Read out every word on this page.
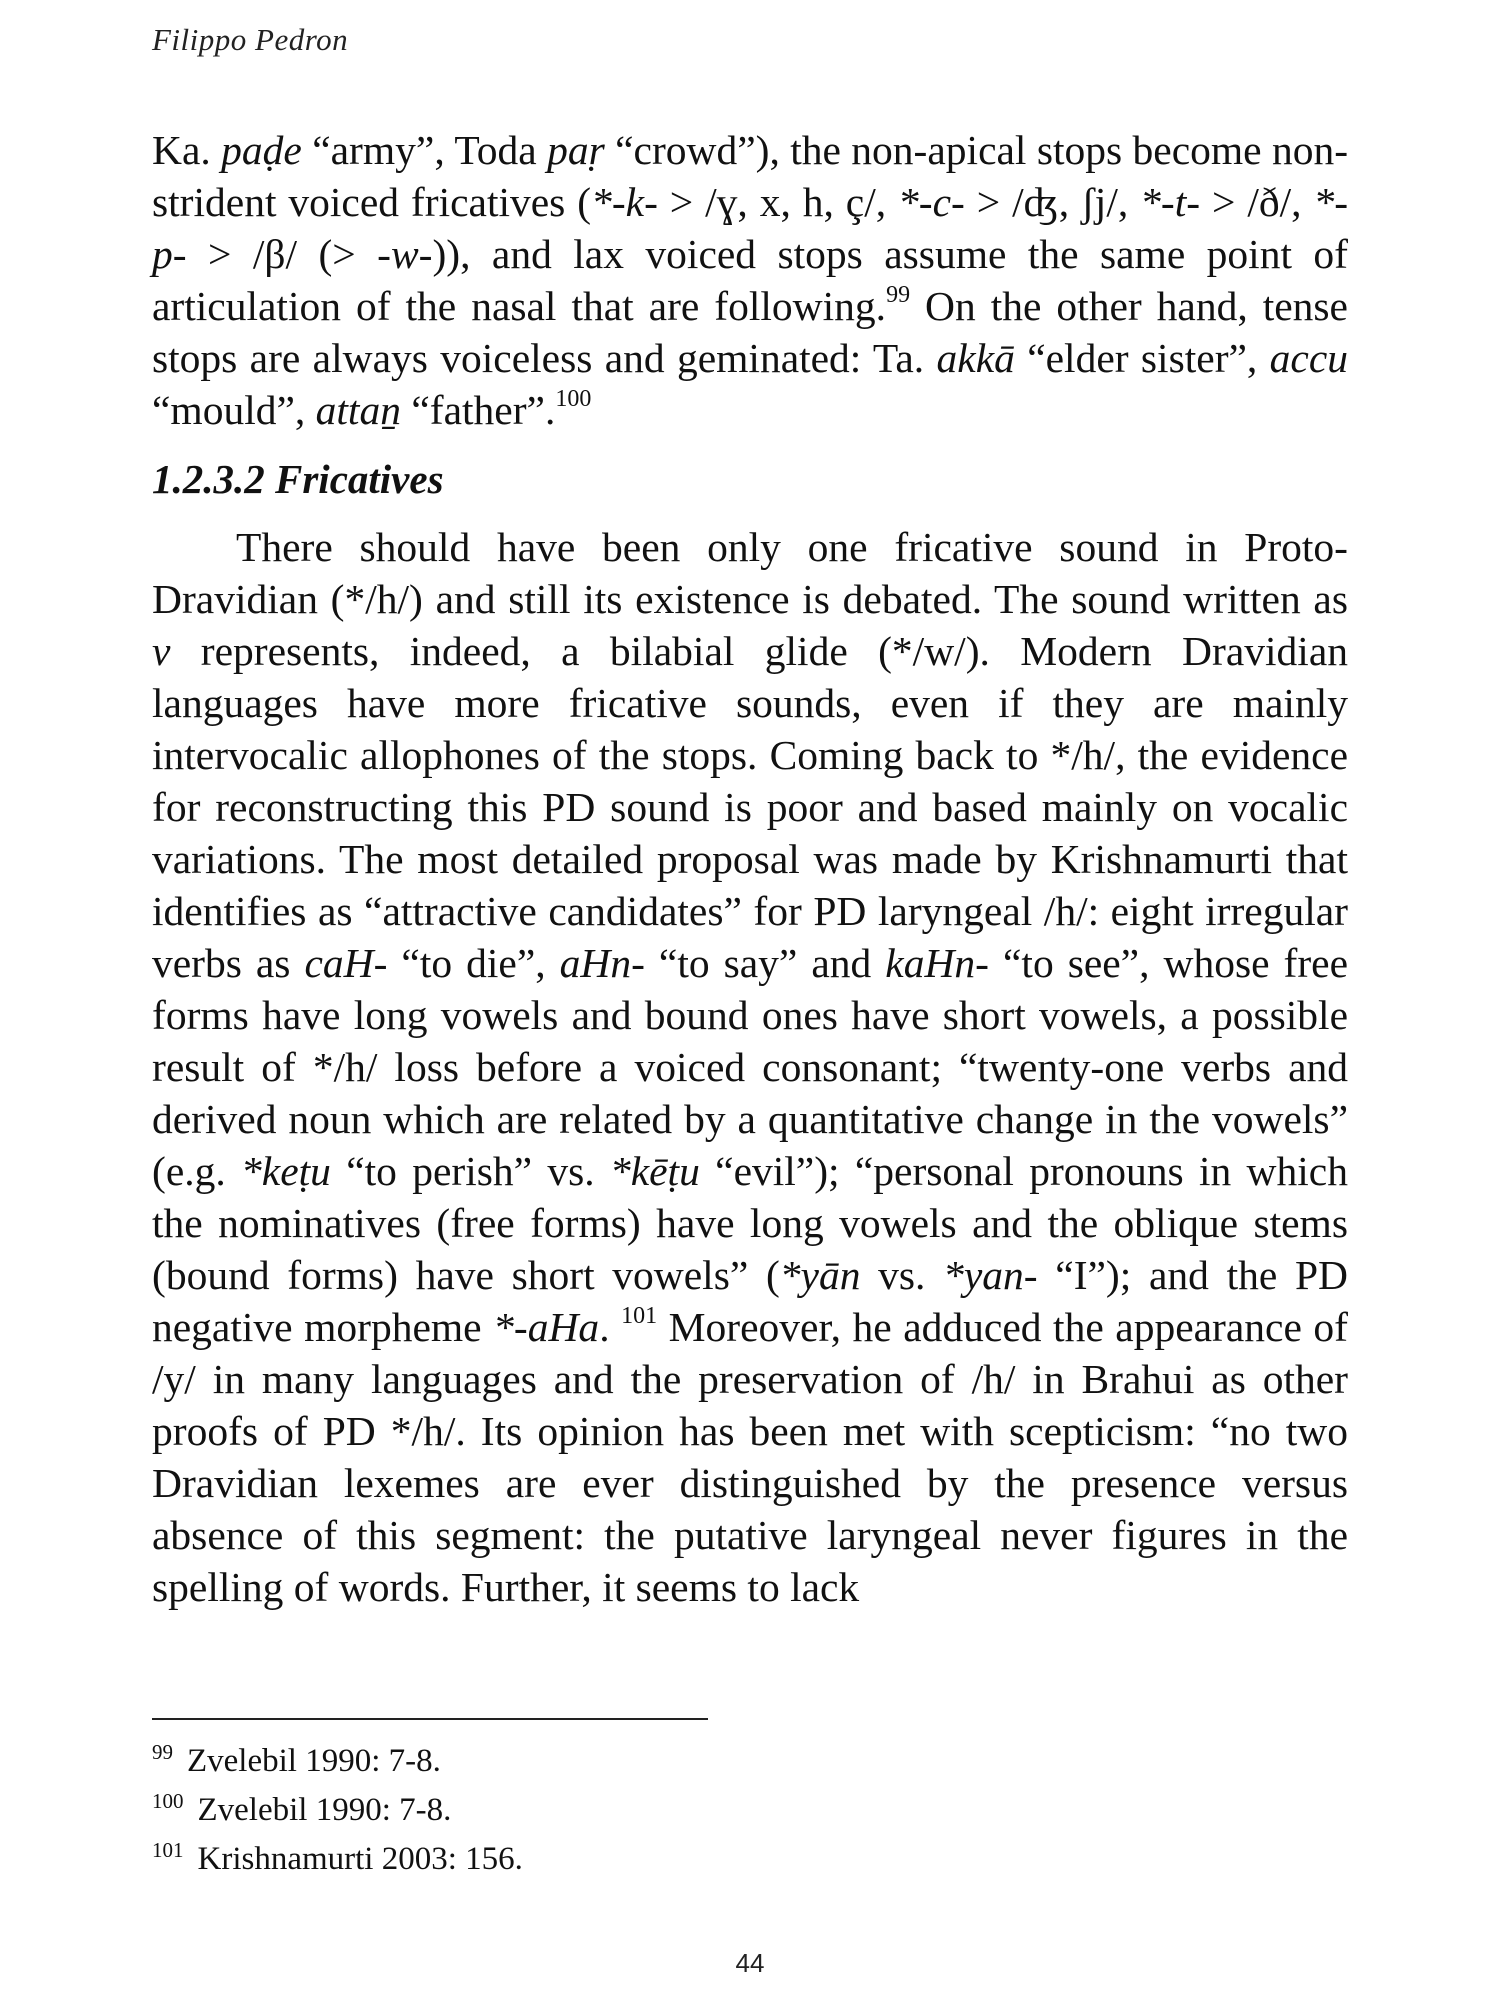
Filippo Pedron

Ka. paḍe “army”, Toda paṛ “crowd”), the non-apical stops become non-strident voiced fricatives (*-k- > /ɣ, x, h, ç/, *-c- > /ʤ, ʃj/, *-t- > /ð/, *-p- > /β/ (> -w-)), and lax voiced stops assume the same point of articulation of the nasal that are following.$^{99}$ On the other hand, tense stops are always voiceless and geminated: Ta. akkā “elder sister”, accu “mould”, attaṉ “father”.$^{100}$

1.2.3.2 Fricatives

There should have been only one fricative sound in Proto-Dravidian (*/h/) and still its existence is debated. The sound written as v represents, indeed, a bilabial glide (*/w/). Modern Dravidian languages have more fricative sounds, even if they are mainly intervocalic allophones of the stops. Coming back to */h/, the evidence for reconstructing this PD sound is poor and based mainly on vocalic variations. The most detailed proposal was made by Krishnamurti that identifies as “attractive candidates” for PD laryngeal /h/: eight irregular verbs as caH- “to die”, aHn- “to say” and kaHn- “to see”, whose free forms have long vowels and bound ones have short vowels, a possible result of */h/ loss before a voiced consonant; “twenty-one verbs and derived noun which are related by a quantitative change in the vowels” (e.g. *keṭu “to perish” vs. *kēṭu “evil”); “personal pronouns in which the nominatives (free forms) have long vowels and the oblique stems (bound forms) have short vowels” (*yān vs. *yan- “I”); and the PD negative morpheme *-aHa. $^{101}$ Moreover, he adduced the appearance of /y/ in many languages and the preservation of /h/ in Brahui as other proofs of PD */h/. Its opinion has been met with scepticism: “no two Dravidian lexemes are ever distinguished by the presence versus absence of this segment: the putative laryngeal never figures in the spelling of words. Further, it seems to lack

$^{99}$ Zvelebil 1990: 7-8.

$^{100}$ Zvelebil 1990: 7-8.

$^{101}$ Krishnamurti 2003: 156.

44
